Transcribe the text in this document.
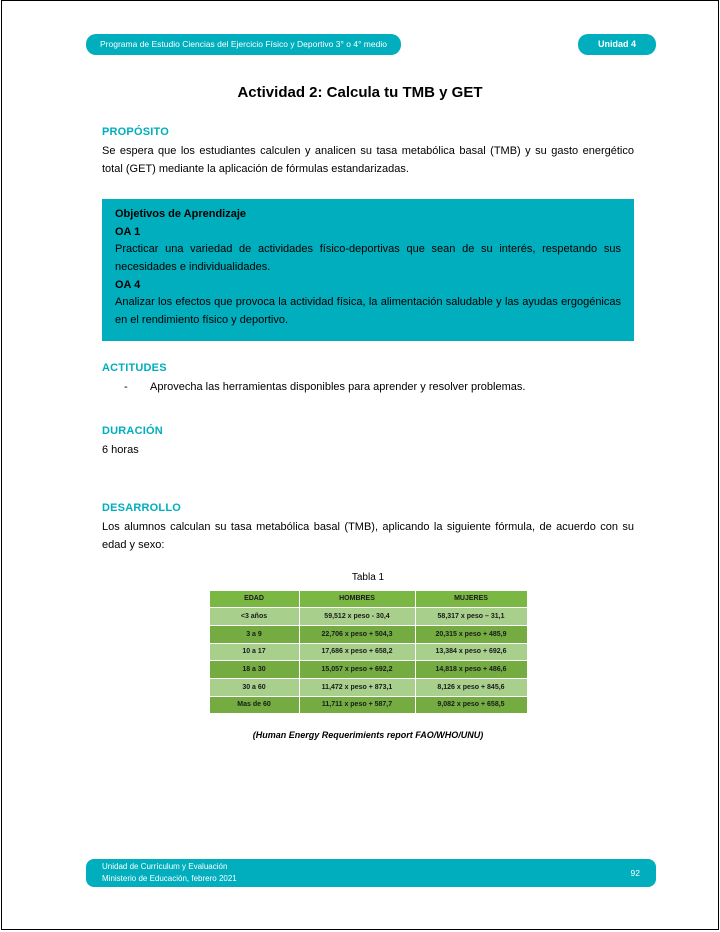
Programa de Estudio Ciencias del Ejercicio Físico y Deportivo 3° o 4° medio	Unidad 4
Actividad 2: Calcula tu TMB y GET
PROPÓSITO

Se espera que los estudiantes calculen y analicen su tasa metabólica basal (TMB) y su gasto energético total (GET) mediante la aplicación de fórmulas estandarizadas.

Objetivos de Aprendizaje
OA 1
Practicar una variedad de actividades físico-deportivas que sean de su interés, respetando sus necesidades e individualidades.
OA 4
Analizar los efectos que provoca la actividad física, la alimentación saludable y las ayudas ergogénicas en el rendimiento físico y deportivo.
ACTITUDES
-	Aprovecha las herramientas disponibles para aprender y resolver problemas.
DURACIÓN

6 horas

DESARROLLO

Los alumnos calculan su tasa metabólica basal (TMB), aplicando la siguiente fórmula, de acuerdo con su edad y sexo:

Tabla 1
EDAD	HOMBRES	MUJERES
<3 años	59,512 x peso - 30,4	58,317 x peso – 31,1
3 a 9	22,706 x peso + 504,3	20,315 x peso + 485,9
10 a 17	17,686 x peso + 658,2	13,384 x peso + 692,6
18 a 30	15,057 x peso + 692,2	14,818 x peso + 486,6
30 a 60	11,472 x peso + 873,1	8,126 x peso + 845,6
Mas de 60	11,711 x peso + 587,7	9,082 x peso + 658,5
(Human Energy Requerimients report FAO/WHO/UNU)
Unidad de Currículum y Evaluación
Ministerio de Educación, febrero 2021
92
